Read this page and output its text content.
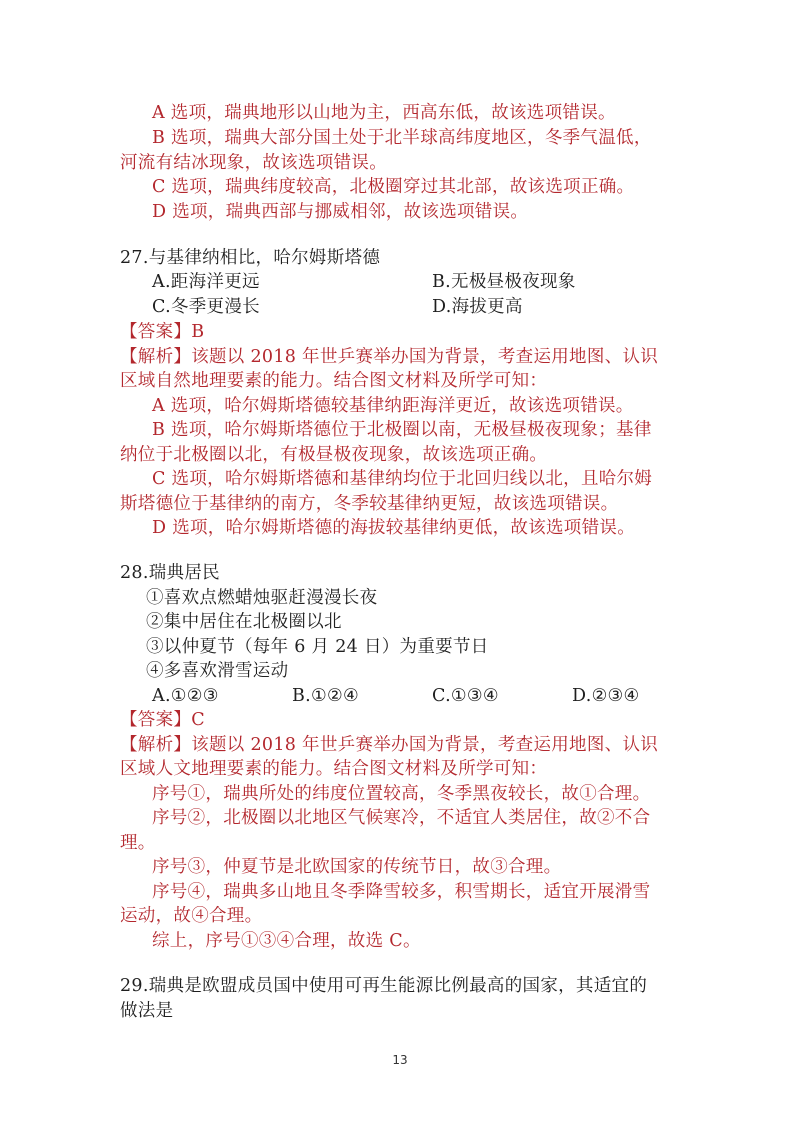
A 选项，瑞典地形以山地为主，西高东低，故该选项错误。
B 选项，瑞典大部分国土处于北半球高纬度地区，冬季气温低，
河流有结冰现象，故该选项错误。
C 选项，瑞典纬度较高，北极圈穿过其北部，故该选项正确。
D 选项，瑞典西部与挪威相邻，故该选项错误。
27.与基律纳相比，哈尔姆斯塔德
A.距海洋更远	B.无极昼极夜现象
C.冬季更漫长	D.海拔更高
【答案】B
【解析】该题以 2018 年世乒赛举办国为背景，考查运用地图、认识
区域自然地理要素的能力。结合图文材料及所学可知：
A 选项，哈尔姆斯塔德较基律纳距海洋更近，故该选项错误。
B 选项，哈尔姆斯塔德位于北极圈以南，无极昼极夜现象；基律
纳位于北极圈以北，有极昼极夜现象，故该选项正确。
C 选项，哈尔姆斯塔德和基律纳均位于北回归线以北，且哈尔姆
斯塔德位于基律纳的南方，冬季较基律纳更短，故该选项错误。
D 选项，哈尔姆斯塔德的海拔较基律纳更低，故该选项错误。
28.瑞典居民
①喜欢点燃蜡烛驱赶漫漫长夜
②集中居住在北极圈以北
③以仲夏节（每年 6 月 24 日）为重要节日
④多喜欢滑雪运动
A.①②③	B.①②④	C.①③④	D.②③④
【答案】C
【解析】该题以 2018 年世乒赛举办国为背景，考查运用地图、认识
区域人文地理要素的能力。结合图文材料及所学可知：
序号①，瑞典所处的纬度位置较高，冬季黑夜较长，故①合理。
序号②，北极圈以北地区气候寒冷，不适宜人类居住，故②不合
理。
序号③，仲夏节是北欧国家的传统节日，故③合理。
序号④，瑞典多山地且冬季降雪较多，积雪期长，适宜开展滑雪
运动，故④合理。
综上，序号①③④合理，故选 C。
29.瑞典是欧盟成员国中使用可再生能源比例最高的国家，其适宜的
做法是
13
